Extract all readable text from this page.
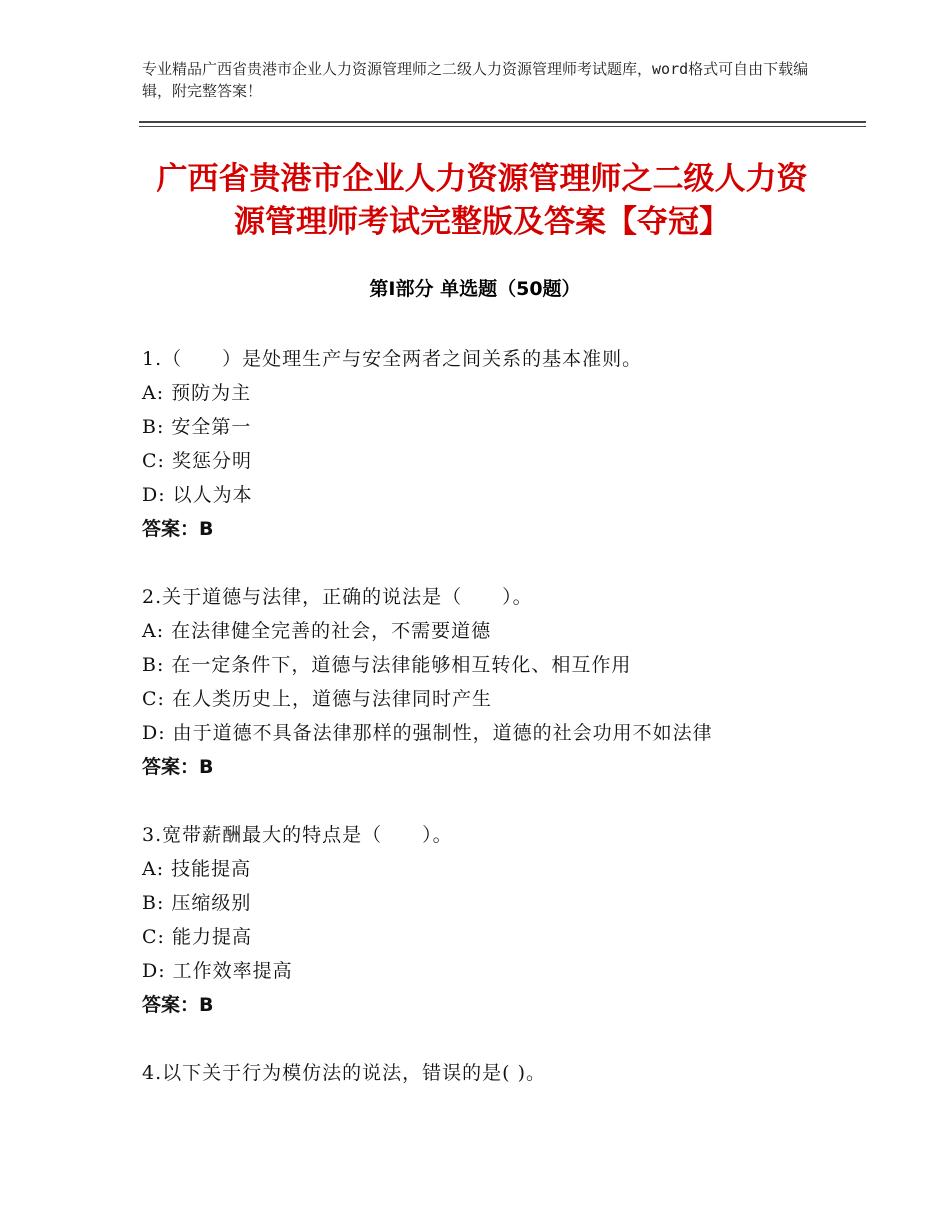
专业精品广西省贵港市企业人力资源管理师之二级人力资源管理师考试题库，word格式可自由下载编辑，附完整答案！
广西省贵港市企业人力资源管理师之二级人力资源管理师考试完整版及答案【夺冠】
第Ⅰ部分 单选题（50题）
1.（　　）是处理生产与安全两者之间关系的基本准则。
A: 预防为主
B: 安全第一
C: 奖惩分明
D: 以人为本
答案：B
2.关于道德与法律，正确的说法是（　　）。
A: 在法律健全完善的社会，不需要道德
B: 在一定条件下，道德与法律能够相互转化、相互作用
C: 在人类历史上，道德与法律同时产生
D: 由于道德不具备法律那样的强制性，道德的社会功用不如法律
答案：B
3.宽带薪酬最大的特点是（　　）。
A: 技能提高
B: 压缩级别
C: 能力提高
D: 工作效率提高
答案：B
4.以下关于行为模仿法的说法，错误的是( )。
